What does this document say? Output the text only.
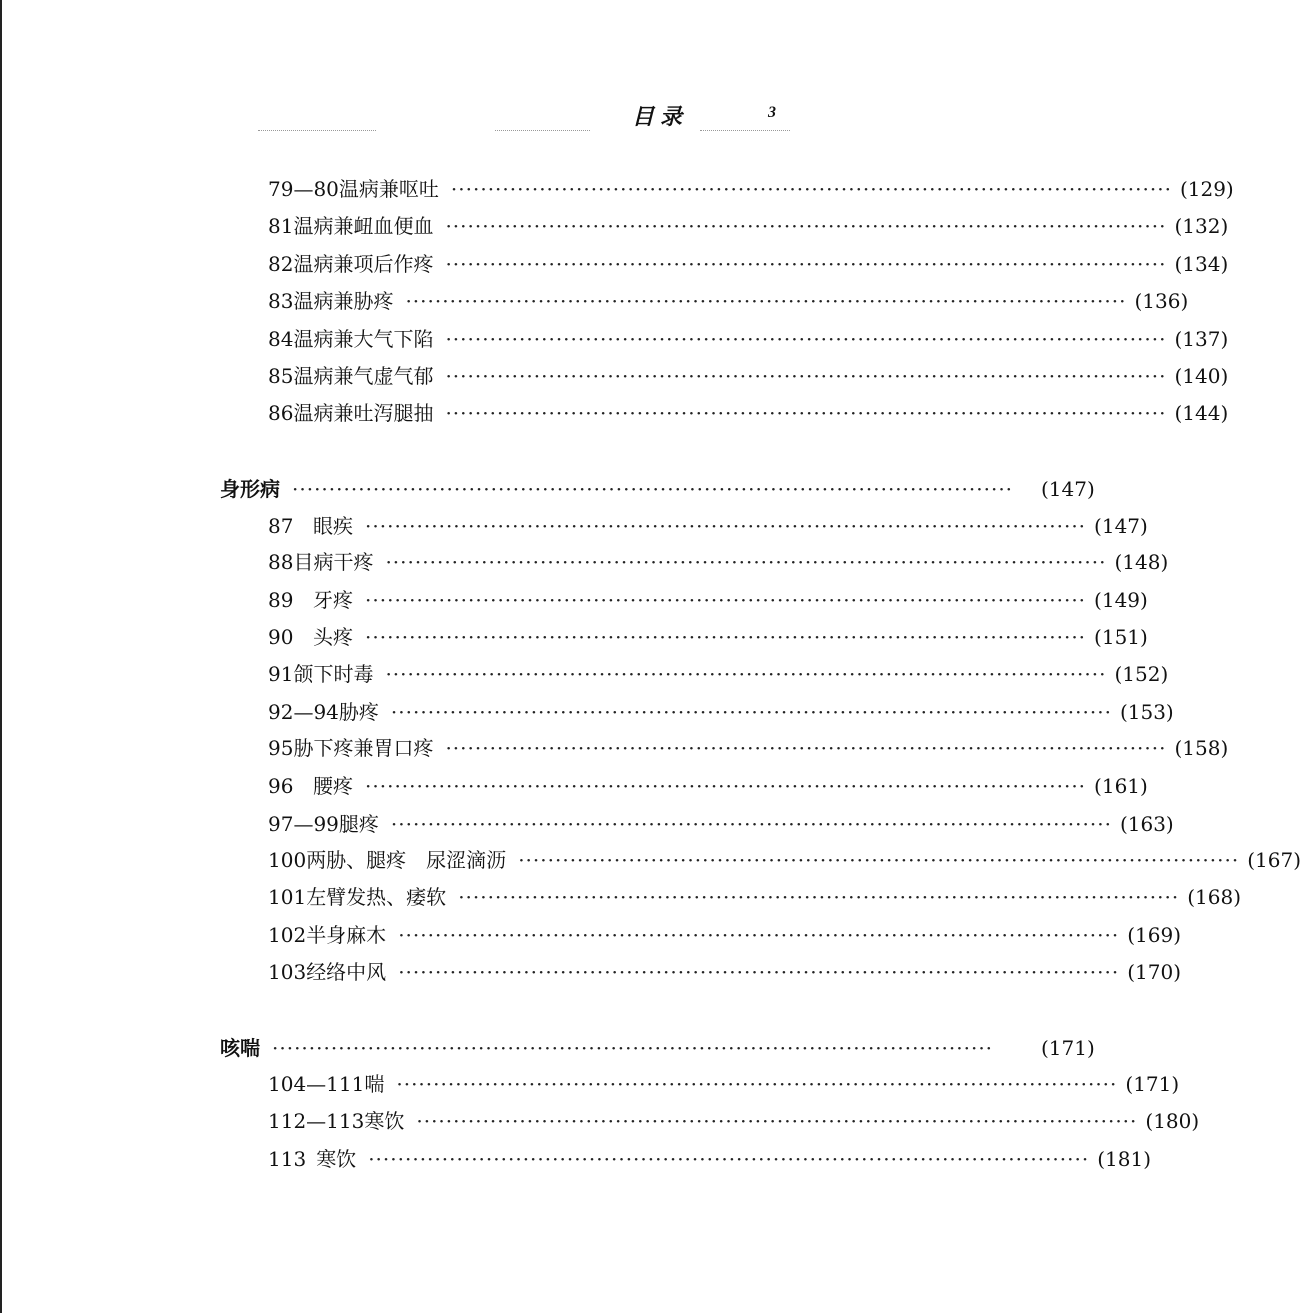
目录	3
79—80 温病兼呕吐 ·····	(129)
81 温病兼衄血便血 ·····	(132)
82 温病兼项后作疼 ·····	(134)
83 温病兼胁疼 ·····	(136)
84 温病兼大气下陷 ·····	(137)
85 温病兼气虚气郁 ·····	(140)
86 温病兼吐泻腿抽 ·····	(144)
身形病 ·····	(147)
87 眼疾 ·····	(147)
88 目病干疼 ·····	(148)
89 牙疼 ·····	(149)
90 头疼 ·····	(151)
91 颌下时毒 ·····	(152)
92—94 胁疼 ·····	(153)
95 胁下疼兼胃口疼 ·····	(158)
96 腰疼 ·····	(161)
97—99 腿疼 ·····	(163)
100 两胁、腿疼　尿涩滴沥 ·····	(167)
101 左臂发热、痿软 ·····	(168)
102 半身麻木 ·····	(169)
103 经络中风 ·····	(170)
咳喘 ·····	(171)
104—111 喘 ·····	(171)
112—113 寒饮 ·····	(180)
113 寒饮 ·····	(181)
